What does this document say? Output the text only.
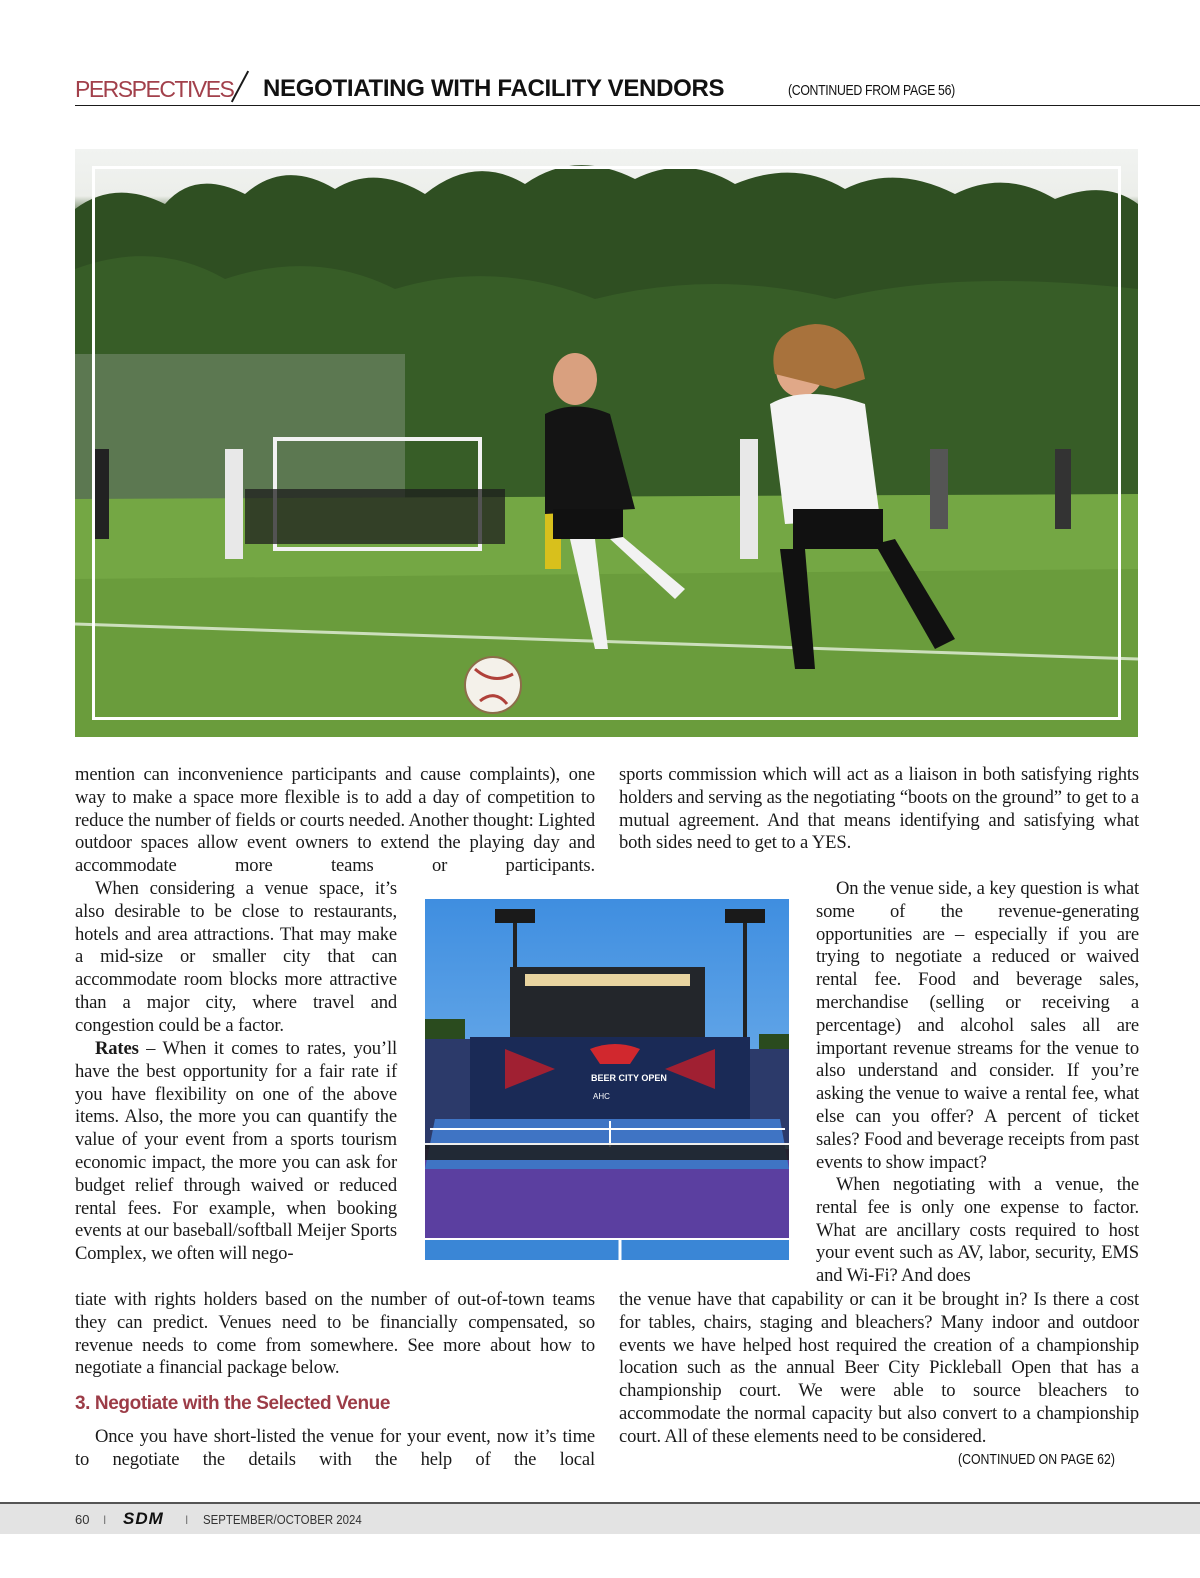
PERSPECTIVES NEGOTIATING WITH FACILITY VENDORS	(CONTINUED FROM PAGE 56)

mention can inconvenience participants and cause complaints), one way to make a space more flexible is to add a day of competition to reduce the number of fields or courts needed. Another thought: Lighted outdoor spaces allow event owners to extend the playing day and accommodate more teams or participants.

When considering a venue space, it’s also desirable to be close to restaurants, hotels and area attractions. That may make a mid-size or smaller city that can accommodate room blocks more attractive than a major city, where travel and congestion could be a factor.

Rates – When it comes to rates, you’ll have the best opportunity for a fair rate if you have flexibility on one of the above items. Also, the more you can quantify the value of your event from a sports tourism economic impact, the more you can ask for budget relief through waived or reduced rental fees. For example, when booking events at our baseball/softball Meijer Sports Complex, we often will nego-

tiate with rights holders based on the number of out-of-town teams they can predict. Venues need to be financially compensated, so revenue needs to come from somewhere. See more about how to negotiate a financial package below.

3. Negotiate with the Selected Venue

Once you have short-listed the venue for your event, now it’s time to negotiate the details with the help of the local

sports commission which will act as a liaison in both satisfying rights holders and serving as the negotiating “boots on the ground” to get to a mutual agreement. And that means identifying and satisfying what both sides need to get to a YES.

On the venue side, a key question is what some of the revenue-generating opportunities are – especially if you are trying to negotiate a reduced or waived rental fee. Food and beverage sales, merchandise (selling or receiving a percentage) and alcohol sales all are important revenue streams for the venue to also understand and consider. If you’re asking the venue to waive a rental fee, what else can you offer? A percent of ticket sales? Food and beverage receipts from past events to show impact?

When negotiating with a venue, the rental fee is only one expense to factor. What are ancillary costs required to host your event such as AV, labor, security, EMS and Wi-Fi? And does

the venue have that capability or can it be brought in? Is there a cost for tables, chairs, staging and bleachers? Many indoor and outdoor events we have helped host required the creation of a championship location such as the annual Beer City Pickleball Open that has a championship court. We were able to source bleachers to accommodate the normal capacity but also convert to a championship court. All of these elements need to be considered.

(CONTINUED ON PAGE 62)
BEER CITY OPEN
AHC
60 I SDM I SEPTEMBER/OCTOBER 2024
